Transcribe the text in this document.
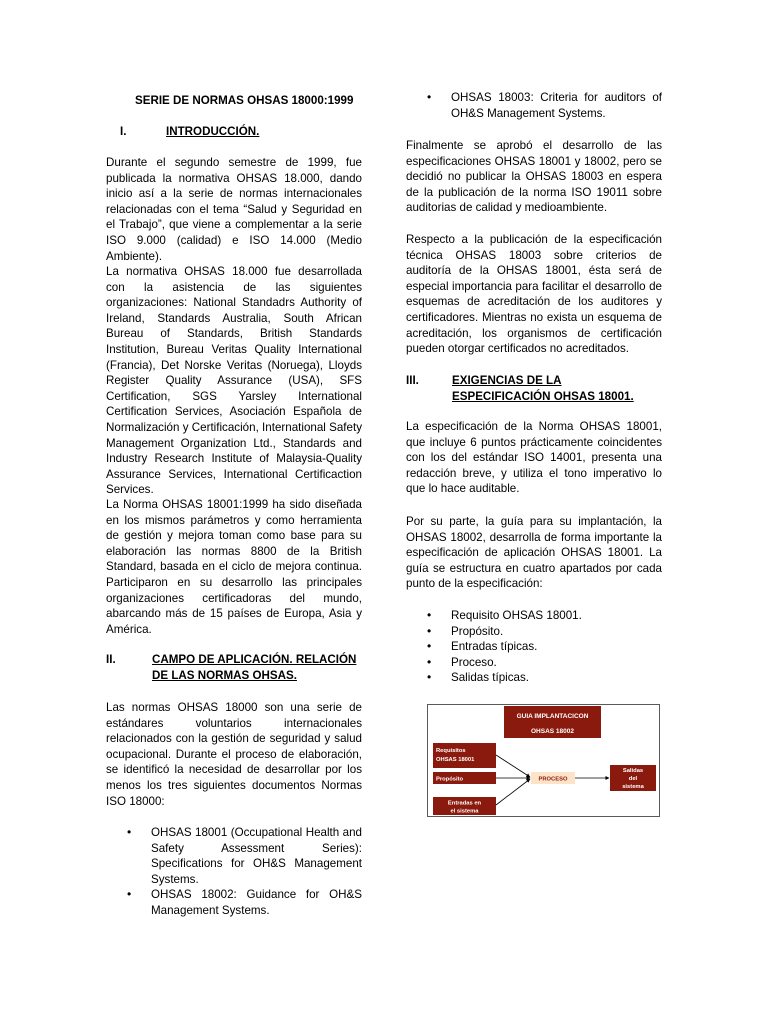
SERIE DE NORMAS OHSAS 18000:1999
I.	INTRODUCCIÓN.

Durante el segundo semestre de 1999, fue publicada la normativa OHSAS 18.000, dando inicio así a la serie de normas internacionales relacionadas con el tema “Salud y Seguridad en el Trabajo”, que viene a complementar a la serie ISO 9.000 (calidad) e ISO 14.000 (Medio Ambiente).

La normativa OHSAS 18.000 fue desarrollada con la asistencia de las siguientes organizaciones: National Standadrs Authority of Ireland, Standards Australia, South African Bureau of Standards, British Standards Institution, Bureau Veritas Quality International (Francia), Det Norske Veritas (Noruega), Lloyds Register Quality Assurance (USA), SFS Certification, SGS Yarsley International Certification Services, Asociación Española de Normalización y Certificación, International Safety Management Organization Ltd., Standards and Industry Research Institute of Malaysia-Quality Assurance Services, International Certificaction Services.

La Norma OHSAS 18001:1999 ha sido diseñada en los mismos parámetros y como herramienta de gestión y mejora toman como base para su elaboración las normas 8800 de la British Standard, basada en el ciclo de mejora continua. Participaron en su desarrollo las principales organizaciones certificadoras del mundo, abarcando más de 15 países de Europa, Asia y América.

II.	CAMPO DE APLICACIÓN. RELACIÓN DE LAS NORMAS OHSAS.

Las normas OHSAS 18000 son una serie de estándares voluntarios internacionales relacionados con la gestión de seguridad y salud ocupacional. Durante el proceso de elaboración, se identificó la necesidad de desarrollar por los menos los tres siguientes documentos Normas ISO 18000:

• OHSAS 18001 (Occupational Health and Safety Assessment Series): Specifications for OH&S Management Systems.
• OHSAS 18002: Guidance for OH&S Management Systems.
• OHSAS 18003: Criteria for auditors of OH&S Management Systems.

Finalmente se aprobó el desarrollo de las especificaciones OHSAS 18001 y 18002, pero se decidió no publicar la OHSAS 18003 en espera de la publicación de la norma ISO 19011 sobre auditorias de calidad y medioambiente.

Respecto a la publicación de la especificación técnica OHSAS 18003 sobre criterios de auditoría de la OHSAS 18001, ésta será de especial importancia para facilitar el desarrollo de esquemas de acreditación de los auditores y certificadores. Mientras no exista un esquema de acreditación, los organismos de certificación pueden otorgar certificados no acreditados.

III.	EXIGENCIAS DE LA ESPECIFICACIÓN OHSAS 18001.

La especificación de la Norma OHSAS 18001, que incluye 6 puntos prácticamente coincidentes con los del estándar ISO 14001, presenta una redacción breve, y utiliza el tono imperativo lo que lo hace auditable.

Por su parte, la guía para su implantación, la OHSAS 18002, desarrolla de forma importante la especificación de aplicación OHSAS 18001. La guía se estructura en cuatro apartados por cada punto de la especificación:

• Requisito OHSAS 18001.
• Propósito.
• Entradas típicas.
• Proceso.
• Salidas típicas.
GUIA IMPLANTACICON
OHSAS 18002
Requisitos
OHSAS 18001
Propósito
Entradas en
el sistema
PROCESO
Salidas
del
sistema
